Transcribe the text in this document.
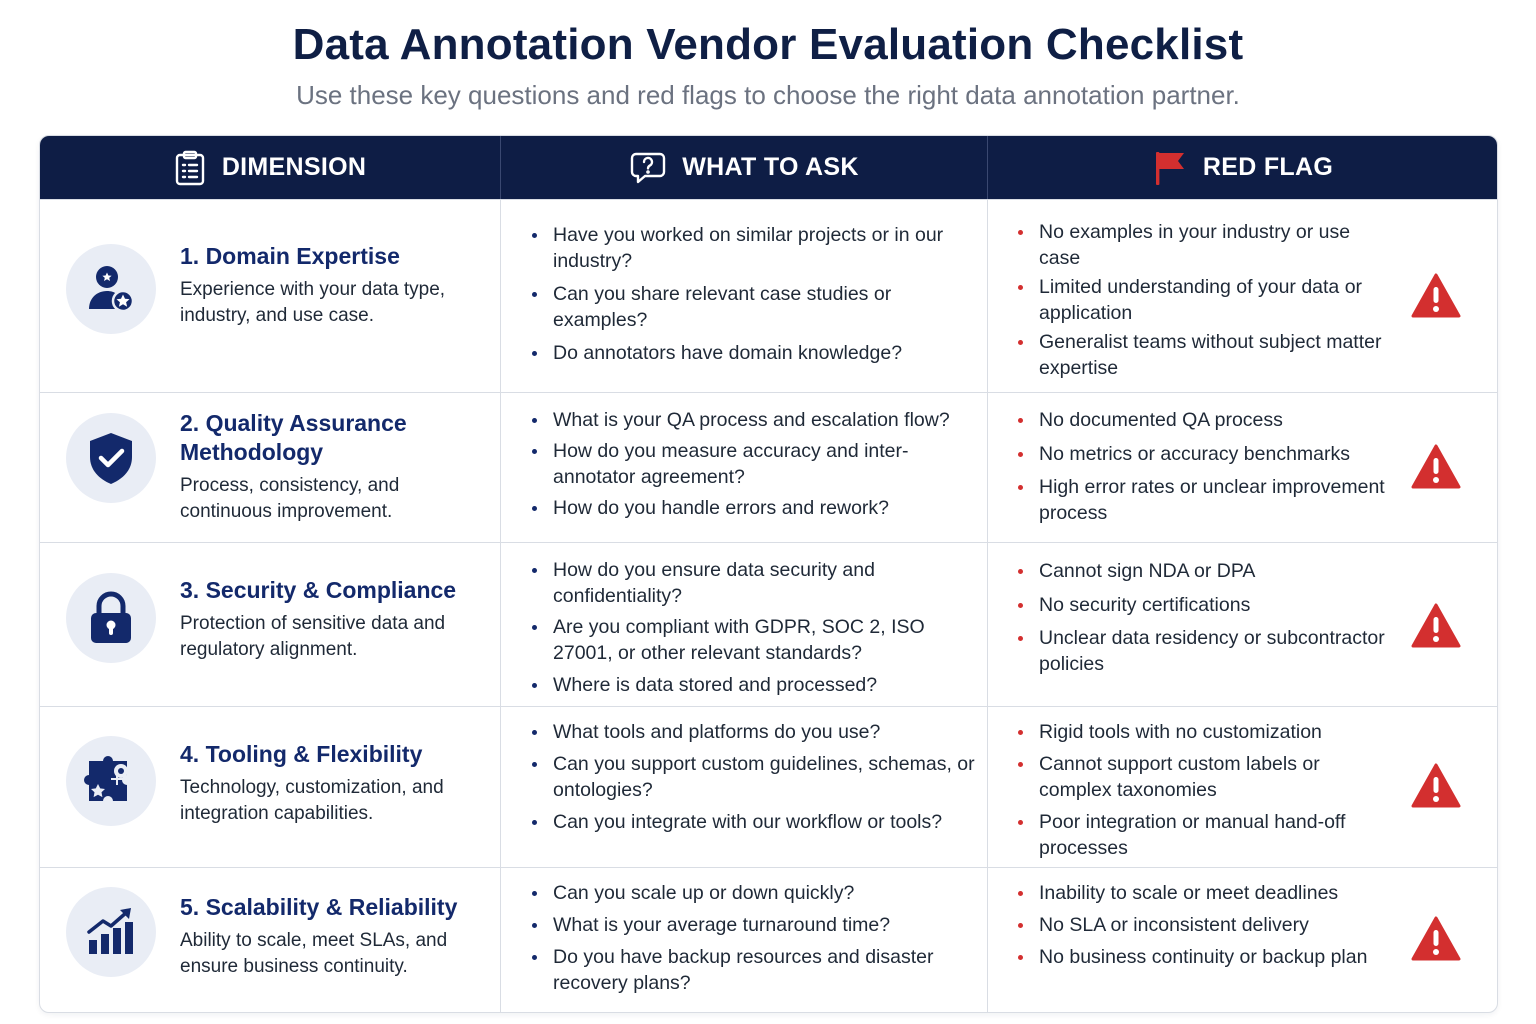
Data Annotation Vendor Evaluation Checklist
Use these key questions and red flags to choose the right data annotation partner.
DIMENSION	WHAT TO ASK	RED FLAG
1. Domain Expertise
Experience with your data type, industry, and use case.
Have you worked on similar projects or in our industry?
Can you share relevant case studies or examples?
Do annotators have domain knowledge?
No examples in your industry or use case
Limited understanding of your data or application
Generalist teams without subject matter expertise
2. Quality Assurance Methodology
Process, consistency, and continuous improvement.
What is your QA process and escalation flow?
How do you measure accuracy and inter-annotator agreement?
How do you handle errors and rework?
No documented QA process
No metrics or accuracy benchmarks
High error rates or unclear improvement process
3. Security & Compliance
Protection of sensitive data and regulatory alignment.
How do you ensure data security and confidentiality?
Are you compliant with GDPR, SOC 2, ISO 27001, or other relevant standards?
Where is data stored and processed?
Cannot sign NDA or DPA
No security certifications
Unclear data residency or subcontractor policies
4. Tooling & Flexibility
Technology, customization, and integration capabilities.
What tools and platforms do you use?
Can you support custom guidelines, schemas, or ontologies?
Can you integrate with our workflow or tools?
Rigid tools with no customization
Cannot support custom labels or complex taxonomies
Poor integration or manual hand-off processes
5. Scalability & Reliability
Ability to scale, meet SLAs, and ensure business continuity.
Can you scale up or down quickly?
What is your average turnaround time?
Do you have backup resources and disaster recovery plans?
Inability to scale or meet deadlines
No SLA or inconsistent delivery
No business continuity or backup plan
